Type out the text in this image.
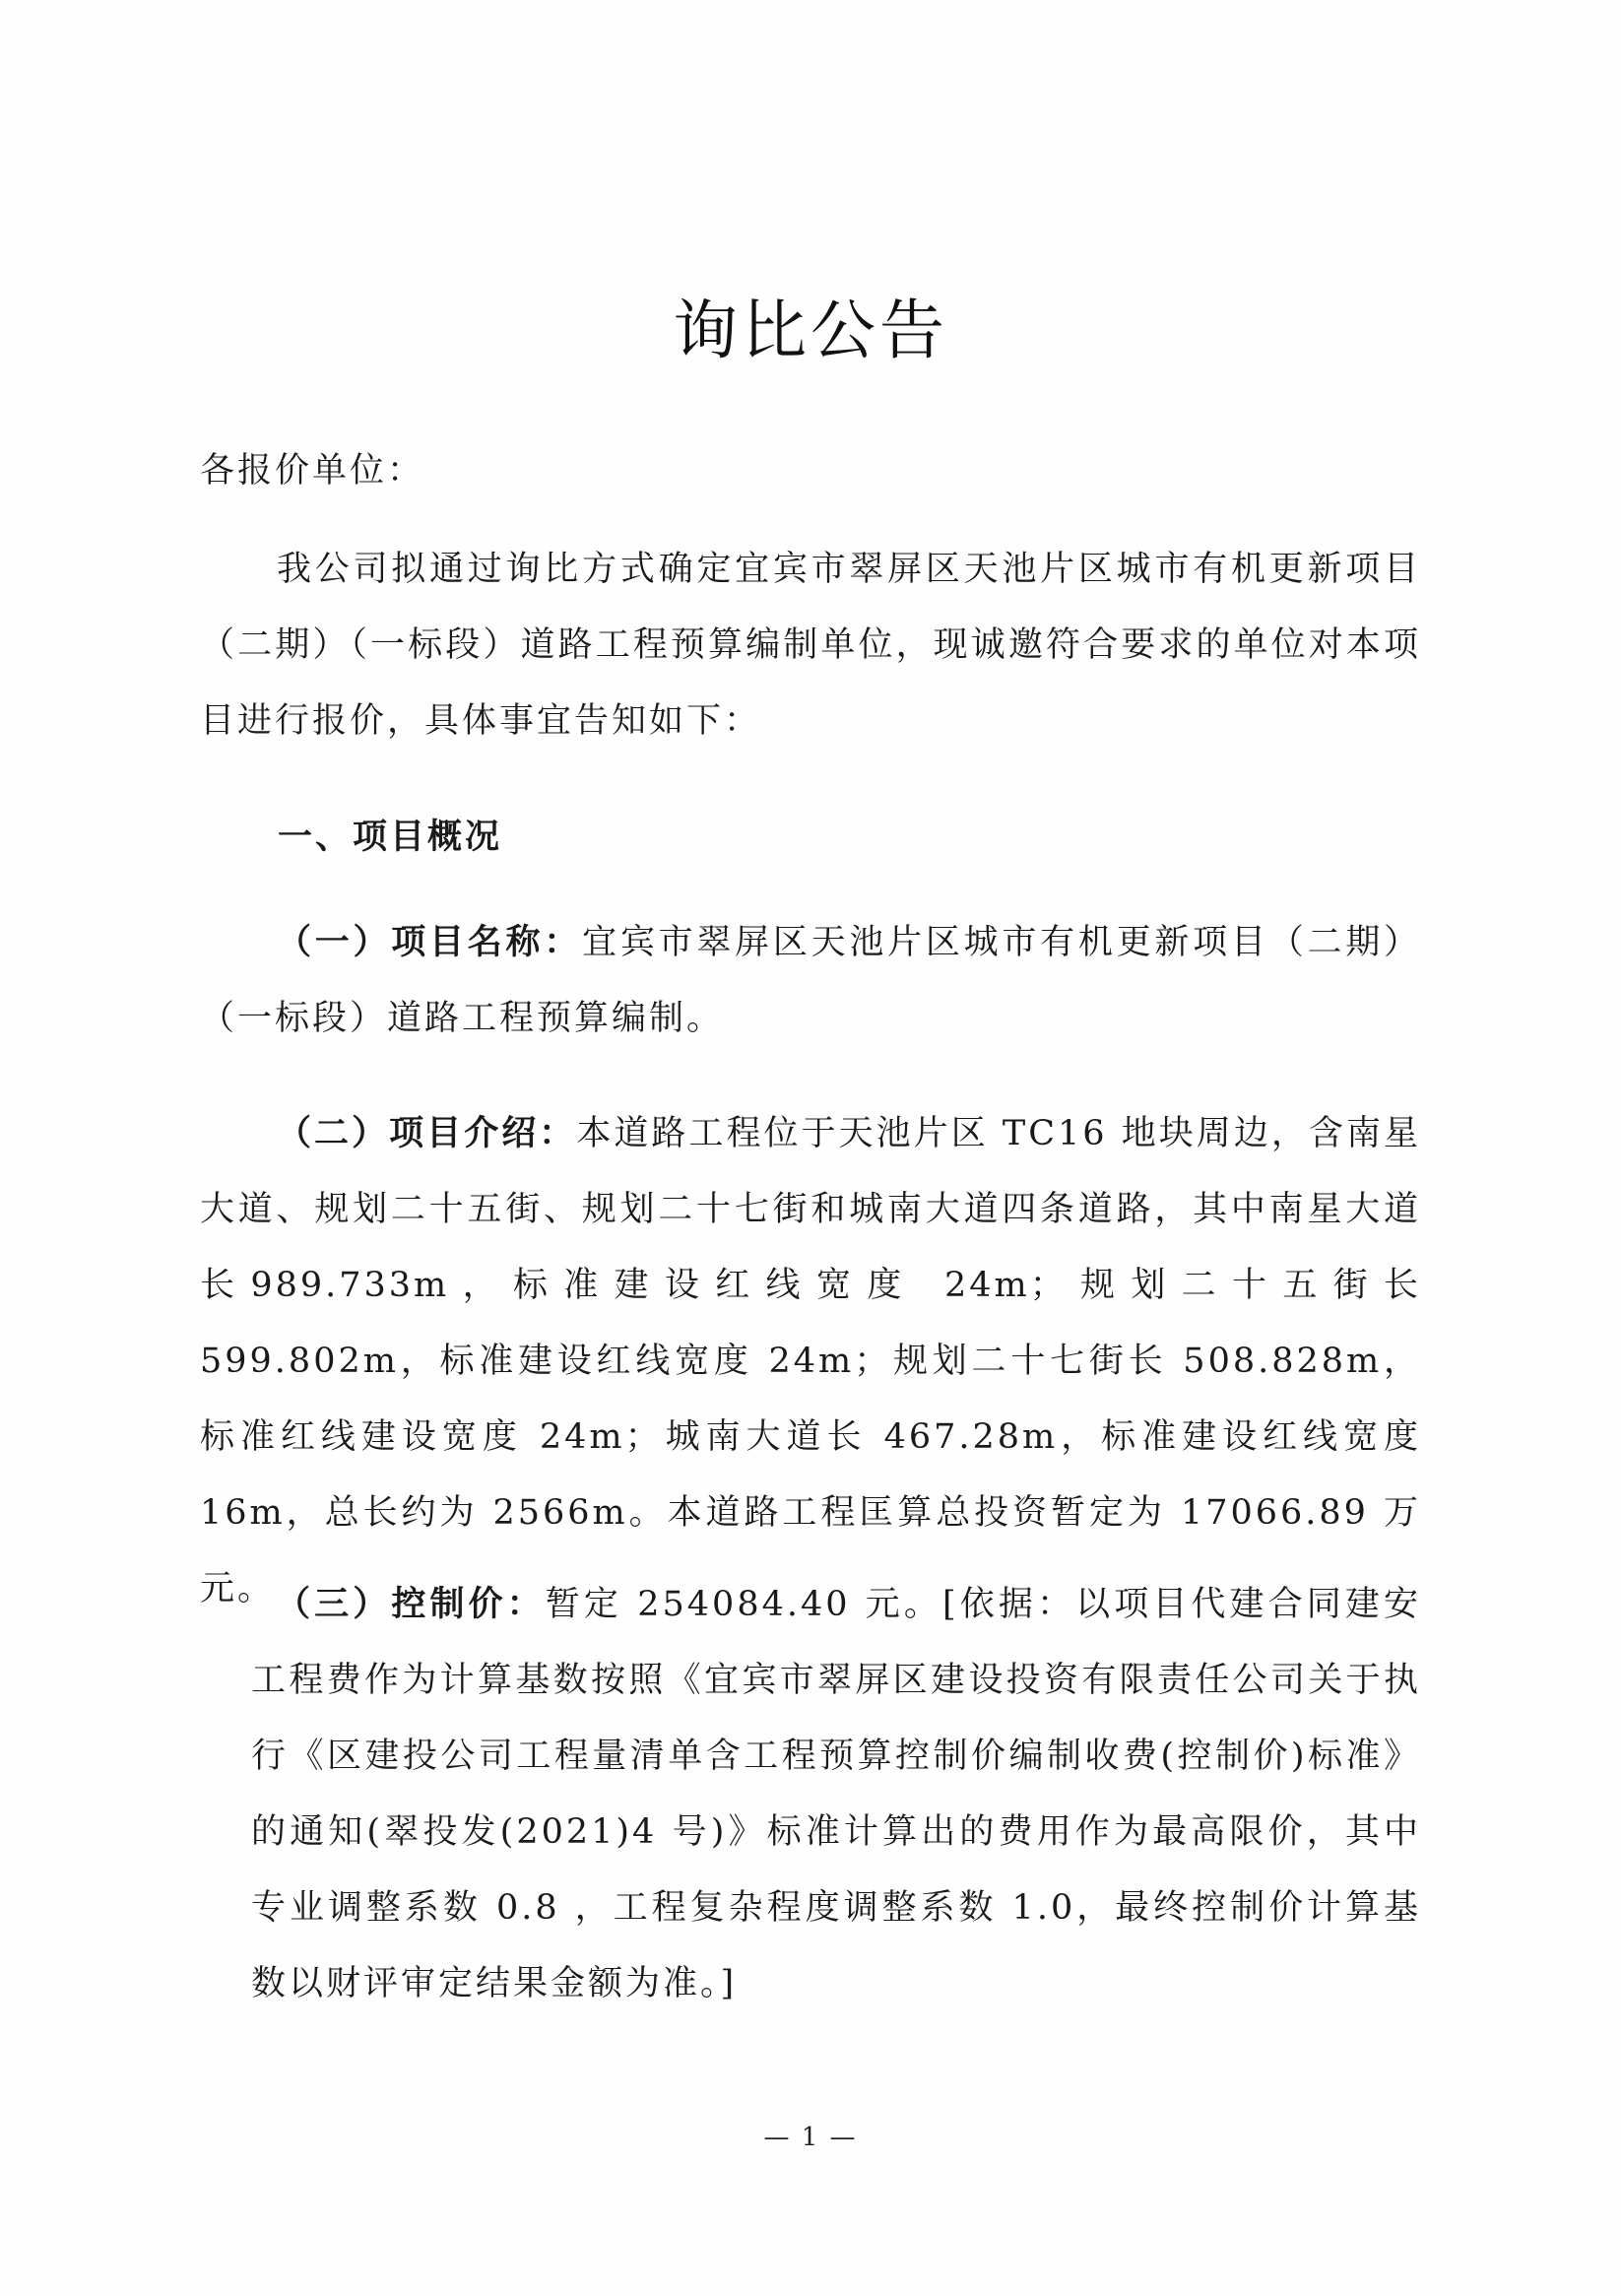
询比公告
各报价单位：

我公司拟通过询比方式确定宜宾市翠屏区天池片区城市有机更新项目（二期）（一标段）道路工程预算编制单位，现诚邀符合要求的单位对本项目进行报价，具体事宜告知如下：

一、项目概况

（一）项目名称：宜宾市翠屏区天池片区城市有机更新项目（二期）（一标段）道路工程预算编制。

（二）项目介绍：本道路工程位于天池片区 TC16 地块周边，含南星大道、规划二十五街、规划二十七街和城南大道四条道路，其中南星大道长989.733m，标准建设红线宽度 24m；规划二十五街长 599.802m，标准建设红线宽度 24m；规划二十七街长 508.828m，标准红线建设宽度 24m；城南大道长 467.28m，标准建设红线宽度 16m，总长约为 2566m。本道路工程匡算总投资暂定为 17066.89 万元。 （三）控制价：暂定 254084.40 元。[依据：以项目代建合同建安工程费作为计算基数按照《宜宾市翠屏区建设投资有限责任公司关于执行《区建投公司工程量清单含工程预算控制价编制收费(控制价)标准》的通知(翠投发(2021)4 号)》标准计算出的费用作为最高限价，其中专业调整系数 0.8 ，工程复杂程度调整系数 1.0，最终控制价计算基数以财评审定结果金额为准。]

— 1 —
